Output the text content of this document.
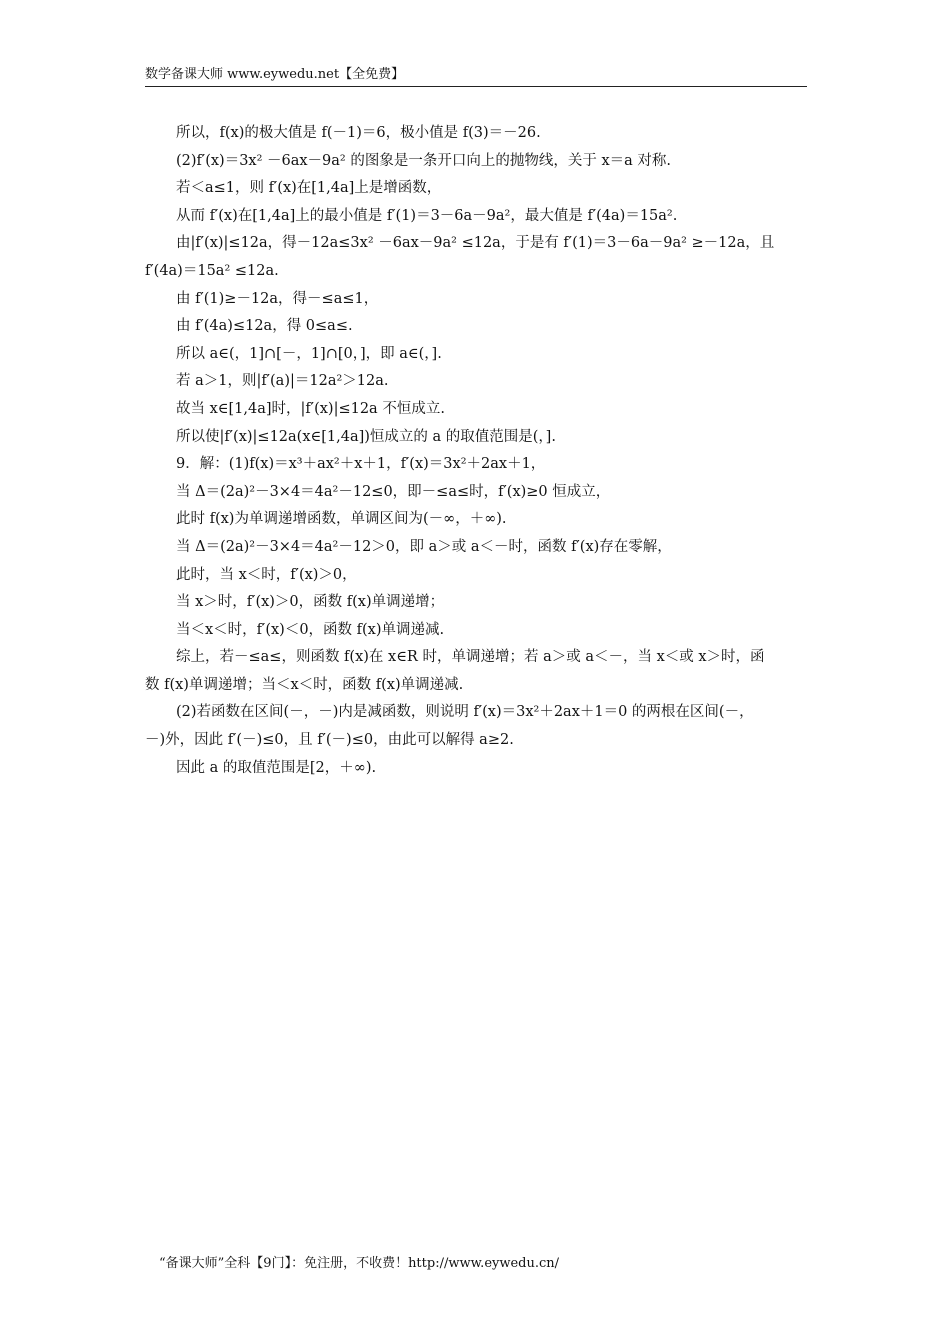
数学备课大师 www.eywedu.net【全免费】
所以，f(x)的极大值是 f(－1)＝6，极小值是 f(3)＝－26.
(2)f′(x)＝3x² －6ax－9a² 的图象是一条开口向上的抛物线，关于 x＝a 对称.
若＜a≤1，则 f′(x)在[1,4a]上是增函数，
从而 f′(x)在[1,4a]上的最小值是 f′(1)＝3－6a－9a²，最大值是 f′(4a)＝15a².
由|f′(x)|≤12a，得－12a≤3x² －6ax－9a² ≤12a，于是有 f′(1)＝3－6a－9a² ≥－12a，且
f′(4a)＝15a² ≤12a.
由 f′(1)≥－12a，得－≤a≤1，
由 f′(4a)≤12a，得 0≤a≤.
所以 a∈(，1]∩[－，1]∩[0，]，即 a∈(，].
若 a＞1，则|f′(a)|＝12a²＞12a.
故当 x∈[1,4a]时，|f′(x)|≤12a 不恒成立.
所以使|f′(x)|≤12a(x∈[1,4a])恒成立的 a 的取值范围是(，].
9．解：(1)f(x)＝x³＋ax²＋x＋1，f′(x)＝3x²＋2ax＋1，
当 Δ＝(2a)²－3×4＝4a²－12≤0，即－≤a≤时，f′(x)≥0 恒成立，
此时 f(x)为单调递增函数，单调区间为(－∞，＋∞).
当 Δ＝(2a)²－3×4＝4a²－12＞0，即 a＞或 a＜－时，函数 f′(x)存在零解，
此时，当 x＜时，f′(x)＞0，
当 x＞时，f′(x)＞0，函数 f(x)单调递增；
当＜x＜时，f′(x)＜0，函数 f(x)单调递减.
综上，若－≤a≤，则函数 f(x)在 x∈R 时，单调递增；若 a＞或 a＜－，当 x＜或 x＞时，函
数 f(x)单调递增；当＜x＜时，函数 f(x)单调递减.
(2)若函数在区间(－，－)内是减函数，则说明 f′(x)＝3x²＋2ax＋1＝0 的两根在区间(－，
－)外，因此 f′(－)≤0，且 f′(－)≤0，由此可以解得 a≥2.
因此 a 的取值范围是[2，＋∞).
“备课大师”全科【9门】：免注册，不收费！http://www.eywedu.cn/
